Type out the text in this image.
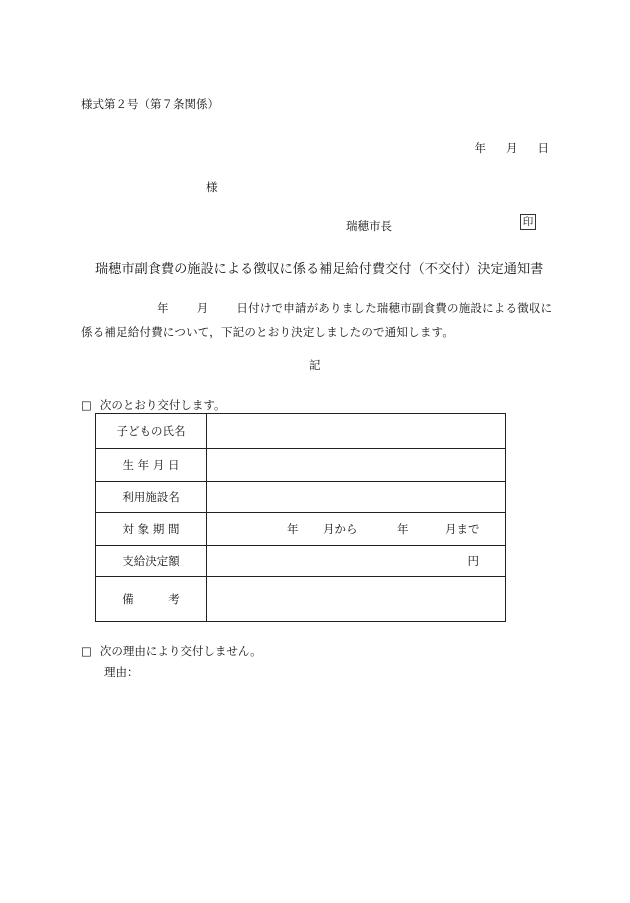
様式第２号（第７条関係）
年 月 日
様
瑞穂市長	印
瑞穂市副食費の施設による徴収に係る補足給付費交付（不交付）決定通知書
年 月 日付けで申請がありました瑞穂市副食費の施設による徴収に係る補足給付費について，下記のとおり決定しましたので通知します。
記
□ 次のとおり交付します。
子どもの氏名	
生 年 月 日	
利用施設名	
対 象 期 間	年 月から 年 月まで

支給決定額	円
備　　　考	
□ 次の理由により交付しません。
理由：
